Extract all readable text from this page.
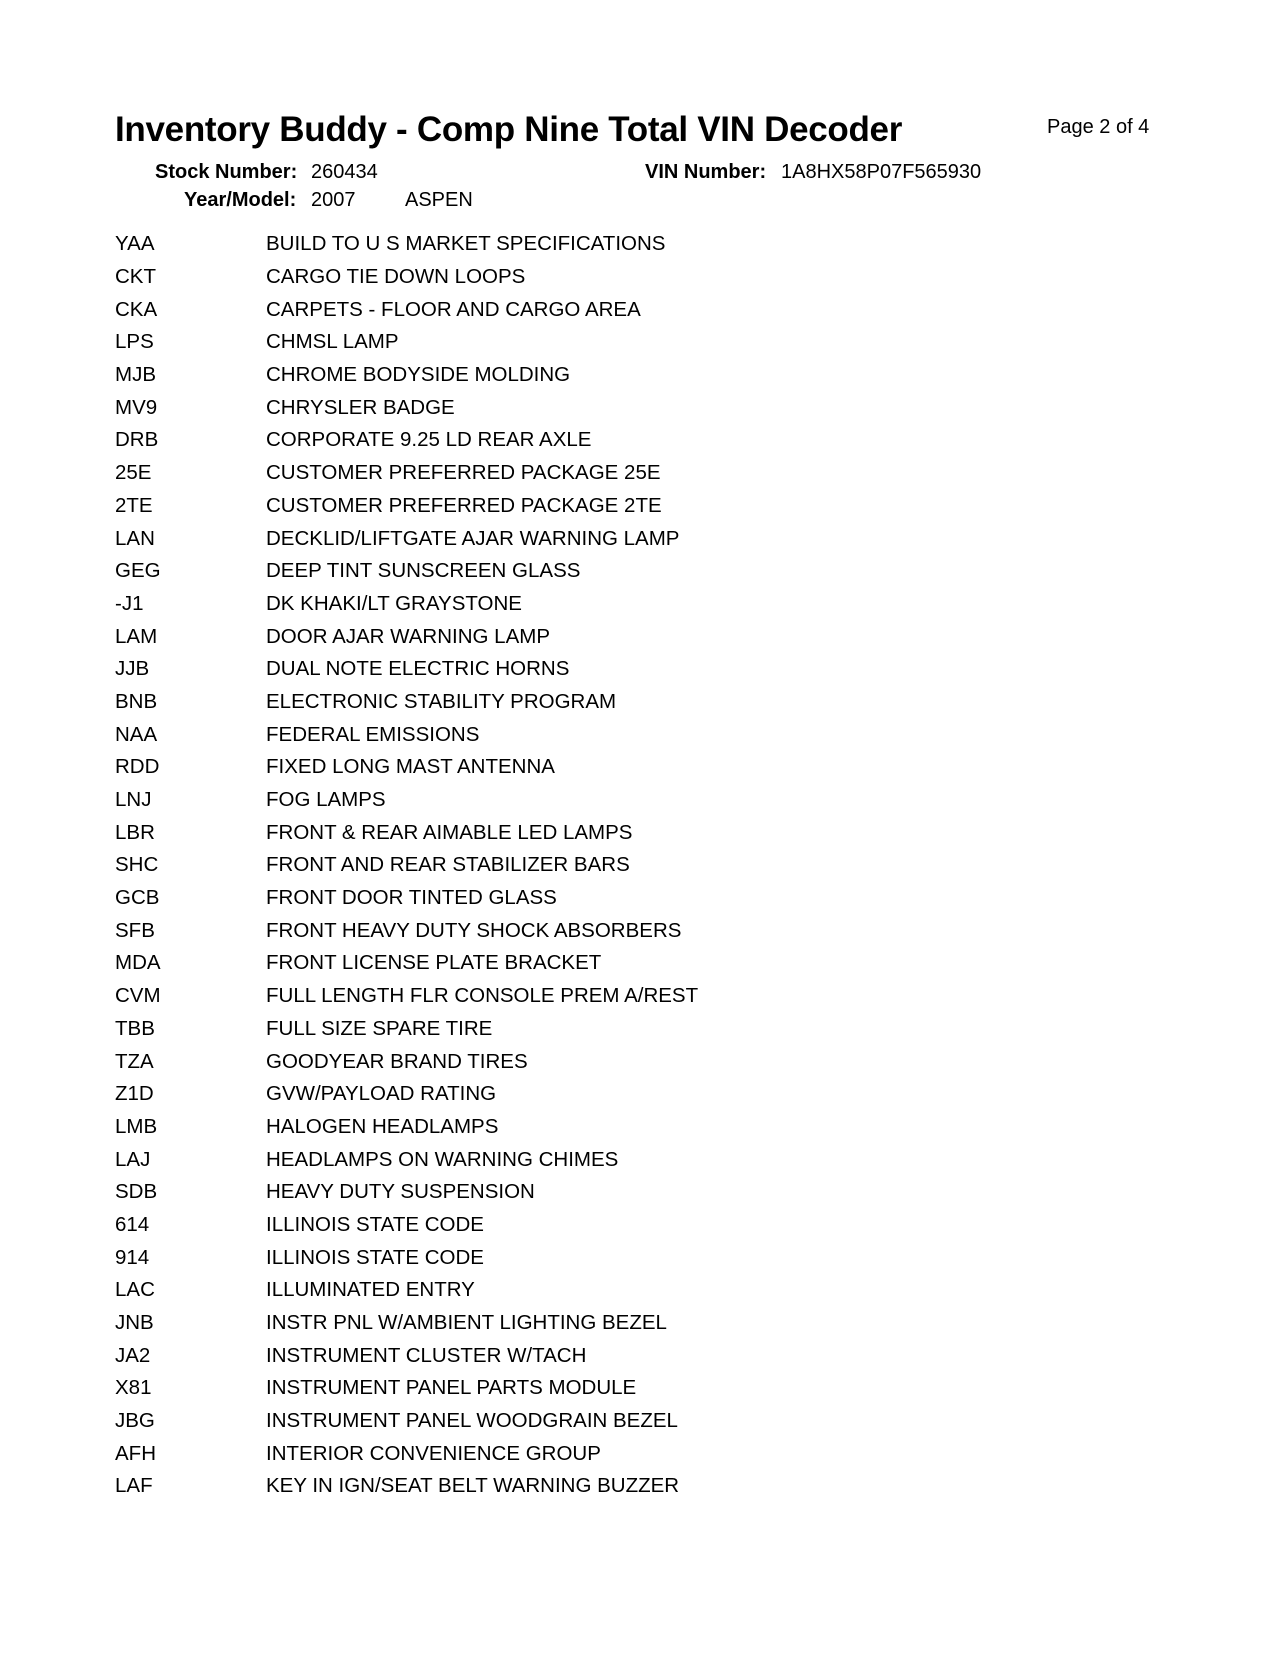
Inventory Buddy - Comp Nine Total VIN Decoder	Page 2 of 4
Stock Number: 260434	VIN Number: 1A8HX58P07F565930
Year/Model: 2007 ASPEN
YAA	BUILD TO U S MARKET SPECIFICATIONS
CKT	CARGO TIE DOWN LOOPS
CKA	CARPETS - FLOOR AND CARGO AREA
LPS	CHMSL LAMP
MJB	CHROME BODYSIDE MOLDING
MV9	CHRYSLER BADGE
DRB	CORPORATE 9.25 LD REAR AXLE
25E	CUSTOMER PREFERRED PACKAGE 25E
2TE	CUSTOMER PREFERRED PACKAGE 2TE
LAN	DECKLID/LIFTGATE AJAR WARNING LAMP
GEG	DEEP TINT SUNSCREEN GLASS
-J1	DK KHAKI/LT GRAYSTONE
LAM	DOOR AJAR WARNING LAMP
JJB	DUAL NOTE ELECTRIC HORNS
BNB	ELECTRONIC STABILITY PROGRAM
NAA	FEDERAL EMISSIONS
RDD	FIXED LONG MAST ANTENNA
LNJ	FOG LAMPS
LBR	FRONT & REAR AIMABLE LED LAMPS
SHC	FRONT AND REAR STABILIZER BARS
GCB	FRONT DOOR TINTED GLASS
SFB	FRONT HEAVY DUTY SHOCK ABSORBERS
MDA	FRONT LICENSE PLATE BRACKET
CVM	FULL LENGTH FLR CONSOLE PREM A/REST
TBB	FULL SIZE SPARE TIRE
TZA	GOODYEAR BRAND TIRES
Z1D	GVW/PAYLOAD RATING
LMB	HALOGEN HEADLAMPS
LAJ	HEADLAMPS ON WARNING CHIMES
SDB	HEAVY DUTY SUSPENSION
614	ILLINOIS STATE CODE
914	ILLINOIS STATE CODE
LAC	ILLUMINATED ENTRY
JNB	INSTR PNL W/AMBIENT LIGHTING BEZEL
JA2	INSTRUMENT CLUSTER W/TACH
X81	INSTRUMENT PANEL PARTS MODULE
JBG	INSTRUMENT PANEL WOODGRAIN BEZEL
AFH	INTERIOR CONVENIENCE GROUP
LAF	KEY IN IGN/SEAT BELT WARNING BUZZER
